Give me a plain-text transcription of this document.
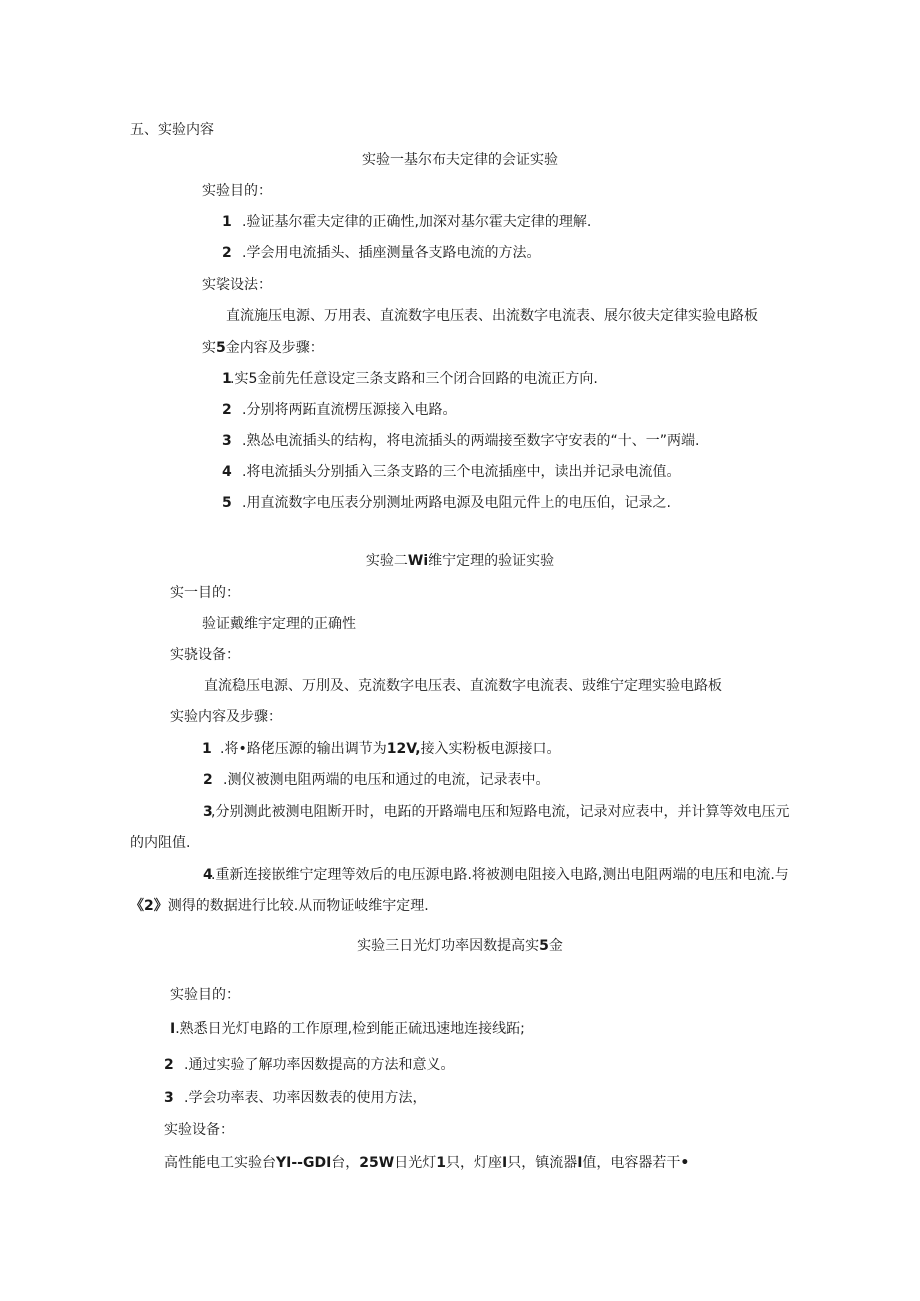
五、实验内容
实验一基尔布夫定律的会证实验
实验目的：
1 .验证基尔霍夫定律的正确性,加深对基尔霍夫定律的理解.
2 .学会用电流插头、插座测量各支路电流的方法。
实裟设法：
直流施压电源、万用表、直流数字电压表、出流数字电流表、展尔彼夫定律实验电路板
实5金内容及步骤：
1.实5金前先任意设定三条支路和三个闭合回路的电流正方向.
2 .分别将两跖直流楞压源接入电路。
3 .熟怂电流插头的结构，将电流插头的两端接至数字守安表的“十、一”两端.
4 .将电流插头分别插入三条支路的三个电流插座中，读出并记录电流值。
5 .用直流数字电压表分别测址两路电源及电阻元件上的电压伯，记录之.
实验二Wi维宁定理的验证实验
实一目的：
验证戴维宇定理的正确性
实骁设备：
直流稳压电源、万刖及、克流数字电压表、直流数字电流表、豉维宁定理实验电路板
实验内容及步骤：
1 .将•路佬压源的输出调节为12V,接入实粉板电源接口。
2 .测仪被测电阻两端的电压和通过的电流，记录表中。
3,分别测此被测电阻断开时，电跖的开路端电压和短路电流，记录对应表中，并计算等效电压元
的内阻值.
4.重新连接嵌维宁定理等效后的电压源电路.将被测电阻接入电路,测出电阻两端的电压和电流.与
《2》测得的数据进行比较.从而物证岐维宇定理.
实验三日光灯功率因数提高实5金
实验目的：
I.熟悉日光灯电路的工作原理,检到能正硫迅速地连接线跖;
2 .通过实验了解功率因数提高的方法和意义。
3 .学会功率表、功率因数表的使用方法，
实验设备：
高性能电工实验台YI--GDI台，25W日光灯1只，灯座I只，镇流器I值，电容器若干•
